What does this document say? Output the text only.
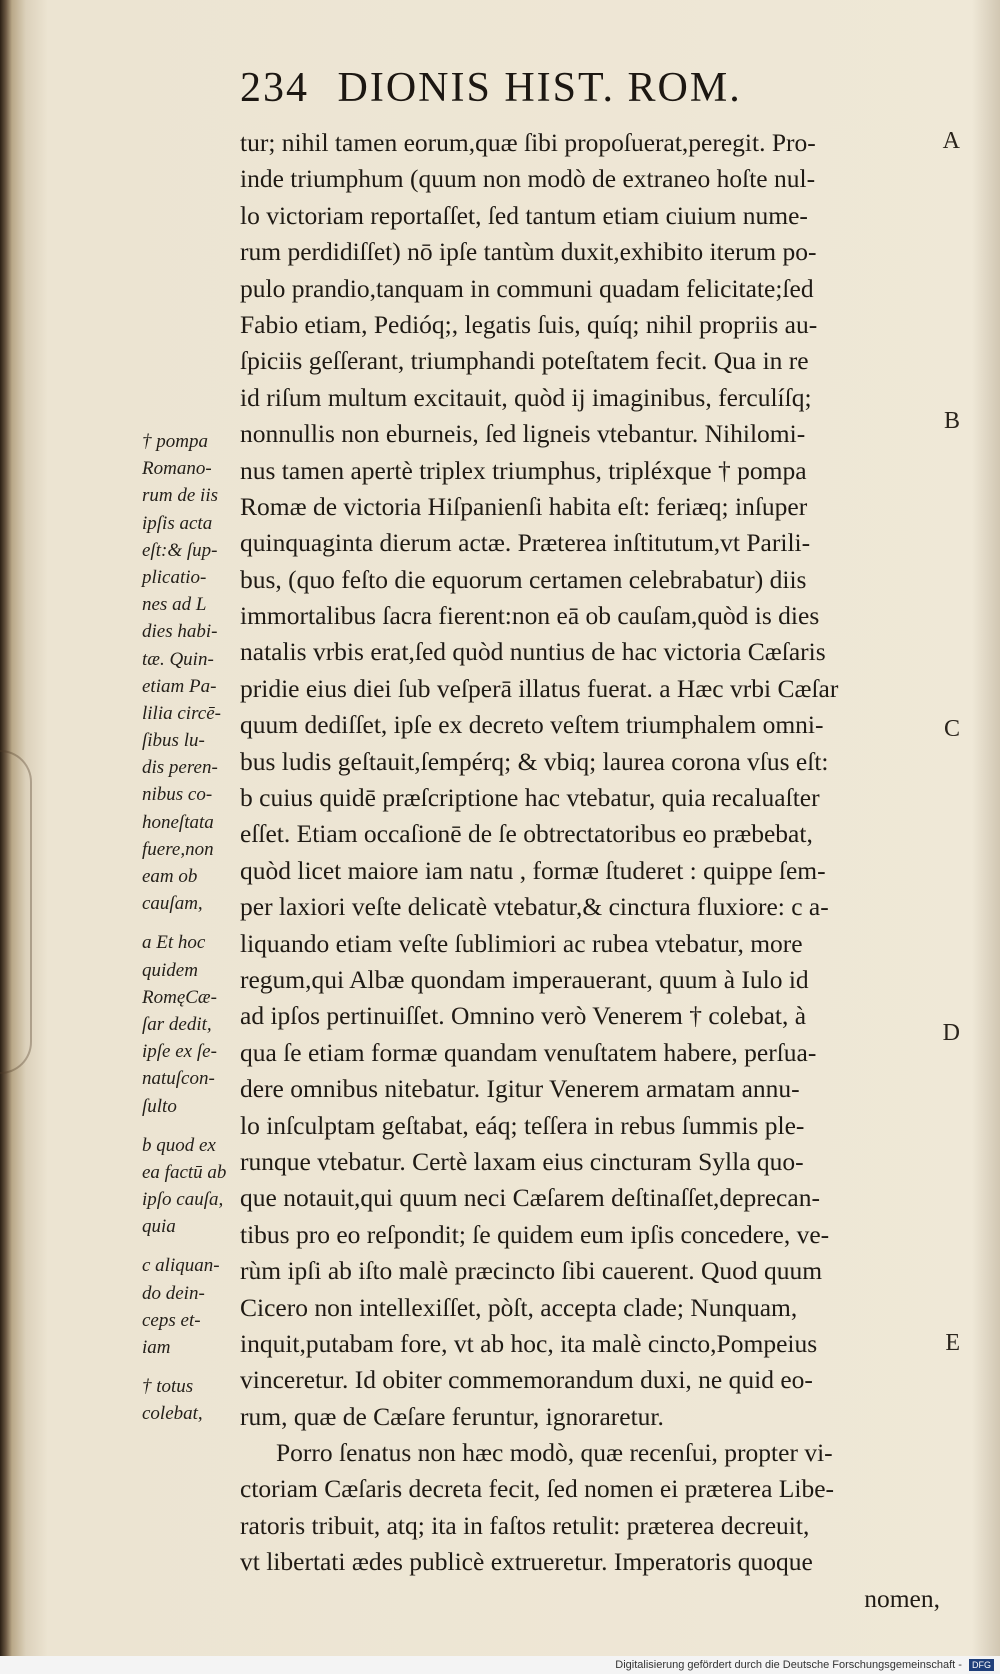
234 DIONIS HIST. ROM.
A
B
C
D
E
tur; nihil tamen eorum,quæ ſibi propoſuerat,peregit. Pro-
inde triumphum (quum non modò de extraneo hoſte nul-
lo victoriam reportaſſet, ſed tantum etiam ciuium nume-
rum perdidiſſet) nō ipſe tantùm duxit,exhibito iterum po-
pulo prandio,tanquam in communi quadam felicitate;ſed
Fabio etiam, Pedióq;, legatis ſuis, quíq; nihil propriis au-
ſpiciis geſſerant, triumphandi poteſtatem fecit. Qua in re
id riſum multum excitauit, quòd ij imaginibus, ferculíſq;
nonnullis non eburneis, ſed ligneis vtebantur. Nihilomi-
nus tamen apertè triplex triumphus, tripléxque † pompa
Romæ de victoria Hiſpanienſi habita eſt: feriæq; inſuper
quinquaginta dierum actæ. Præterea inſtitutum,vt Parili-
bus, (quo feſto die equorum certamen celebrabatur) diis
immortalibus ſacra fierent:non eā ob cauſam,quòd is dies
natalis vrbis erat,ſed quòd nuntius de hac victoria Cæſaris
pridie eius diei ſub veſperā illatus fuerat. a Hæc vrbi Cæſar
quum dediſſet, ipſe ex decreto veſtem triumphalem omni-
bus ludis geſtauit,ſempérq; & vbiq; laurea corona vſus eſt:
b cuius quidē præſcriptione hac vtebatur, quia recaluaſter
eſſet. Etiam occaſionē de ſe obtrectatoribus eo præbebat,
quòd licet maiore iam natu , formæ ſtuderet : quippe ſem-
per laxiori veſte delicatè vtebatur,& cinctura fluxiore: c a-
liquando etiam veſte ſublimiori ac rubea vtebatur, more
regum,qui Albæ quondam imperauerant, quum à Iulo id
ad ipſos pertinuiſſet. Omnino verò Venerem † colebat, à
qua ſe etiam formæ quandam venuſtatem habere, perſua-
dere omnibus nitebatur. Igitur Venerem armatam annu-
lo inſculptam geſtabat, eáq; teſſera in rebus ſummis ple-
runque vtebatur. Certè laxam eius cincturam Sylla quo-
que notauit,qui quum neci Cæſarem deſtinaſſet,deprecan-
tibus pro eo reſpondit; ſe quidem eum ipſis concedere, ve-
rùm ipſi ab iſto malè præcincto ſibi cauerent. Quod quum
Cicero non intellexiſſet, pòſt, accepta clade; Nunquam,
inquit,putabam fore, vt ab hoc, ita malè cincto,Pompeius
vinceretur. Id obiter commemorandum duxi, ne quid eo-
rum, quæ de Cæſare feruntur, ignoraretur.
Porro ſenatus non hæc modò, quæ recenſui, propter vi-
ctoriam Cæſaris decreta fecit, ſed nomen ei præterea Libe-
ratoris tribuit, atq; ita in faſtos retulit: præterea decreuit,
vt libertati ædes publicè extrueretur. Imperatoris quoque
nomen,
† pompa
Romano-
rum de iis
ipſis acta
eſt:& ſup-
plicatio-
nes ad L
dies habi-
tæ. Quin-
etiam Pa-
lilia circē-
ſibus lu-
dis peren-
nibus co-
honeſtata
fuere,non
eam ob
cauſam,
a Et hoc
quidem
RomęCæ-
ſar dedit,
ipſe ex ſe-
natuſcon-
ſulto
b quod ex
ea factū ab
ipſo cauſa,
quia
c aliquan-
do dein-
ceps et-
iam
† totus
colebat,
Digitalisierung gefördert durch die Deutsche Forschungsgemeinschaft - DFG
